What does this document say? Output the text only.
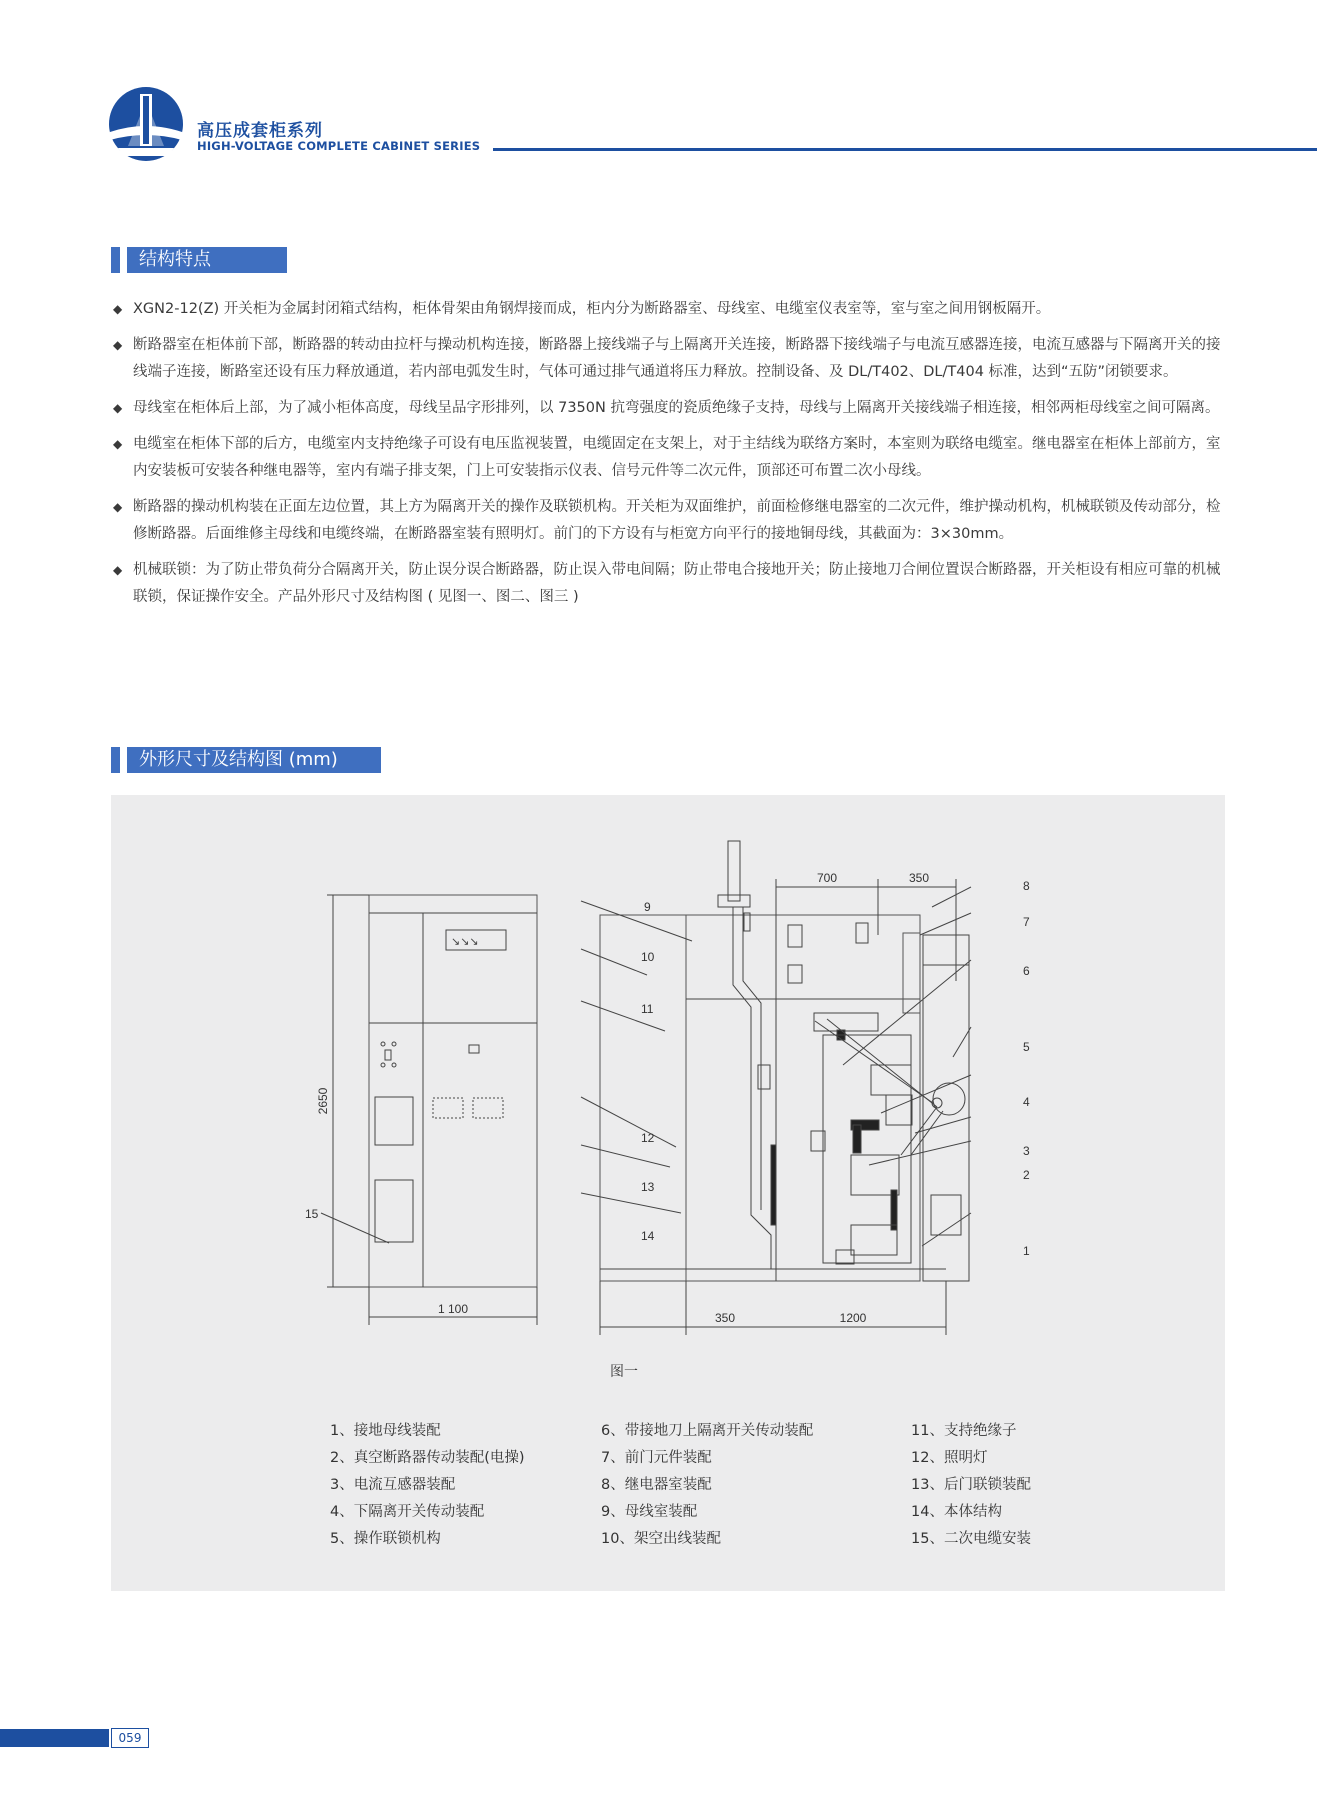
高压成套柜系列
HIGH-VOLTAGE COMPLETE CABINET SERIES
结构特点
◆ XGN2-12(Z) 开关柜为金属封闭箱式结构，柜体骨架由角钢焊接而成，柜内分为断路器室、母线室、电缆室仪表室等，室与室之间用钢板隔开。
◆ 断路器室在柜体前下部，断路器的转动由拉杆与操动机构连接，断路器上接线端子与上隔离开关连接，断路器下接线端子与电流互感器连接，电流互感器与下隔离开关的接线端子连接，断路室还设有压力释放通道，若内部电弧发生时，气体可通过排气通道将压力释放。控制设备、及 DL/T402、DL/T404 标准，达到“五防”闭锁要求。
◆ 母线室在柜体后上部，为了减小柜体高度，母线呈品字形排列，以 7350N 抗弯强度的瓷质绝缘子支持，母线与上隔离开关接线端子相连接，相邻两柜母线室之间可隔离。
◆ 电缆室在柜体下部的后方，电缆室内支持绝缘子可设有电压监视装置，电缆固定在支架上，对于主结线为联络方案时，本室则为联络电缆室。继电器室在柜体上部前方，室内安装板可安装各种继电器等，室内有端子排支架，门上可安装指示仪表、信号元件等二次元件，顶部还可布置二次小母线。
◆ 断路器的操动机构装在正面左边位置，其上方为隔离开关的操作及联锁机构。开关柜为双面维护，前面检修继电器室的二次元件，维护操动机构，机械联锁及传动部分，检修断路器。后面维修主母线和电缆终端，在断路器室装有照明灯。前门的下方设有与柜宽方向平行的接地铜母线，其截面为：3×30mm。
◆ 机械联锁：为了防止带负荷分合隔离开关，防止误分误合断路器，防止误入带电间隔；防止带电合接地开关；防止接地刀合闸位置误合断路器，开关柜设有相应可靠的机械联锁，保证操作安全。产品外形尺寸及结构图 ( 见图一、图二、图三 )
外形尺寸及结构图 (mm)
↘↘↘
2650
1 100
15
700	350
350	1200
9
10
11
12
13
14
8
7
6
5
4
3
2
1
图一
1、接地母线装配
2、真空断路器传动装配(电操)
3、电流互感器装配
4、下隔离开关传动装配
5、操作联锁机构
6、带接地刀上隔离开关传动装配
7、前门元件装配
8、继电器室装配
9、母线室装配
10、架空出线装配
11、支持绝缘子
12、照明灯
13、后门联锁装配
14、本体结构
15、二次电缆安装
059
